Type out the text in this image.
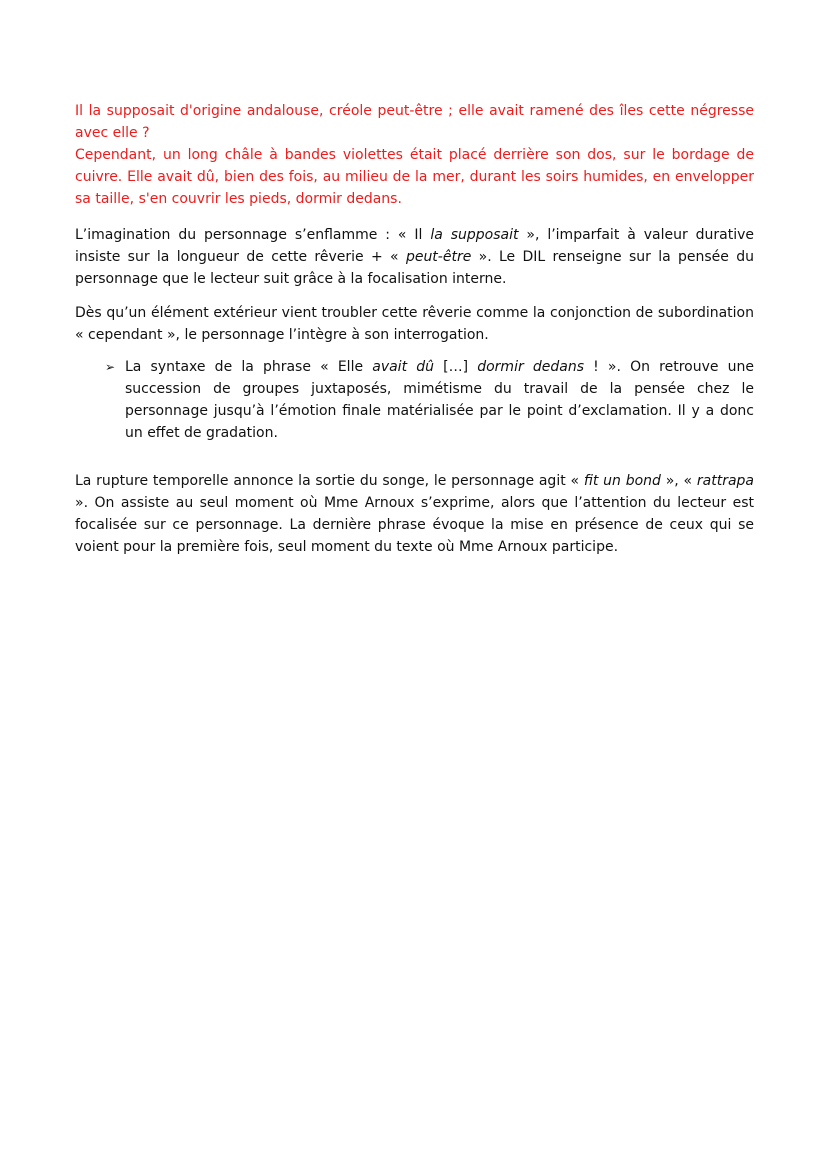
Il la supposait d'origine andalouse, créole peut-être ; elle avait ramené des îles cette négresse avec elle ?

Cependant, un long châle à bandes violettes était placé derrière son dos, sur le bordage de cuivre. Elle avait dû, bien des fois, au milieu de la mer, durant les soirs humides, en envelopper sa taille, s'en couvrir les pieds, dormir dedans.

L’imagination du personnage s’enflamme : « Il la supposait », l’imparfait à valeur durative insiste sur la longueur de cette rêverie + « peut-être ». Le DIL renseigne sur la pensée du personnage que le lecteur suit grâce à la focalisation interne.

Dès qu’un élément extérieur vient troubler cette rêverie comme la conjonction de subordination « cependant », le personnage l’intègre à son interrogation.

➢ La syntaxe de la phrase « Elle avait dû […] dormir dedans ! ». On retrouve une succession de groupes juxtaposés, mimétisme du travail de la pensée chez le personnage jusqu’à l’émotion finale matérialisée par le point d’exclamation. Il y a donc un effet de gradation.

La rupture temporelle annonce la sortie du songe, le personnage agit « fit un bond », « rattrapa ». On assiste au seul moment où Mme Arnoux s’exprime, alors que l’attention du lecteur est focalisée sur ce personnage. La dernière phrase évoque la mise en présence de ceux qui se voient pour la première fois, seul moment du texte où Mme Arnoux participe.
